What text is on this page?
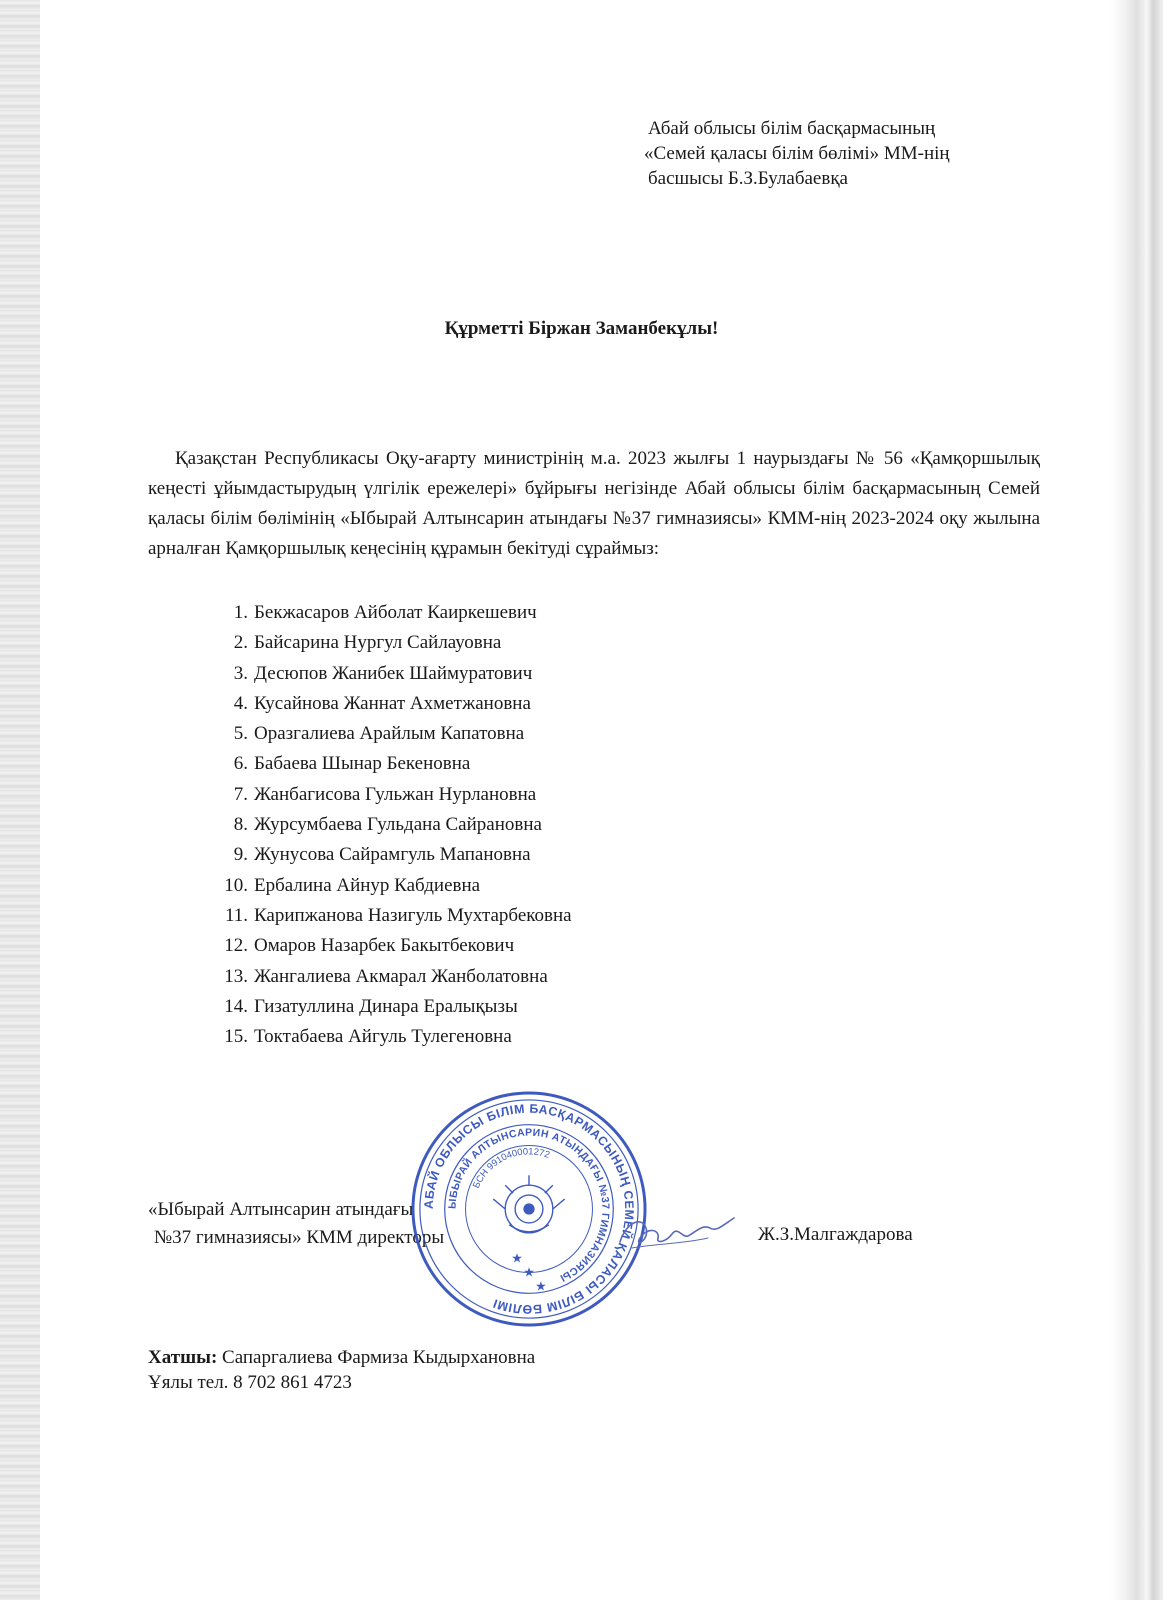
Абай облысы білім басқармасының
«Семей қаласы білім бөлімі» ММ-нің
басшысы Б.З.Булабаевқа
Құрметті Біржан Заманбекұлы!

Қазақстан Республикасы Оқу-ағарту министрінің м.а. 2023 жылғы 1 наурыздағы № 56 «Қамқоршылық кеңесті ұйымдастырудың үлгілік ережелері» бұйрығы негізінде Абай облысы білім басқармасының Семей қаласы білім бөлімінің «Ыбырай Алтынсарин атындағы №37 гимназиясы» КММ-нің 2023-2024 оқу жылына арналған Қамқоршылық кеңесінің құрамын бекітуді сұраймыз:

1. Бекжасаров Айболат Каиркешевич
2. Байсарина Нургул Сайлауовна
3. Десюпов Жанибек Шаймуратович
4. Кусайнова Жаннат Ахметжановна
5. Оразгалиева Арайлым Капатовна
6. Бабаева Шынар Бекеновна
7. Жанбагисова Гульжан Нурлановна
8. Журсумбаева Гульдана Сайрановна
9. Жунусова Сайрамгуль Мапановна
10. Ербалина Айнур Кабдиевна
11. Карипжанова Назигуль Мухтарбековна
12. Омаров Назарбек Бакытбекович
13. Жангалиева Акмарал Жанболатовна
14. Гизатуллина Динара Ералықызы
15. Токтабаева Айгуль Тулегеновна
«Ыбырай Алтынсарин атындағы
№37 гимназиясы» КММ директоры
АБАЙ ОБЛЫСЫ БІЛІМ БАСҚАРМАСЫНЫҢ СЕМЕЙ ҚАЛАСЫ БІЛІМ БӨЛІМІ
ЫБЫРАЙ АЛТЫНСАРИН АТЫНДАҒЫ №37 ГИМНАЗИЯСЫ
БСН 991040001272
★
★
★
Ж.З.Малгаждарова
Хатшы: Сапаргалиева Фармиза Кыдырхановна
Ұялы тел. 8 702 861 4723
